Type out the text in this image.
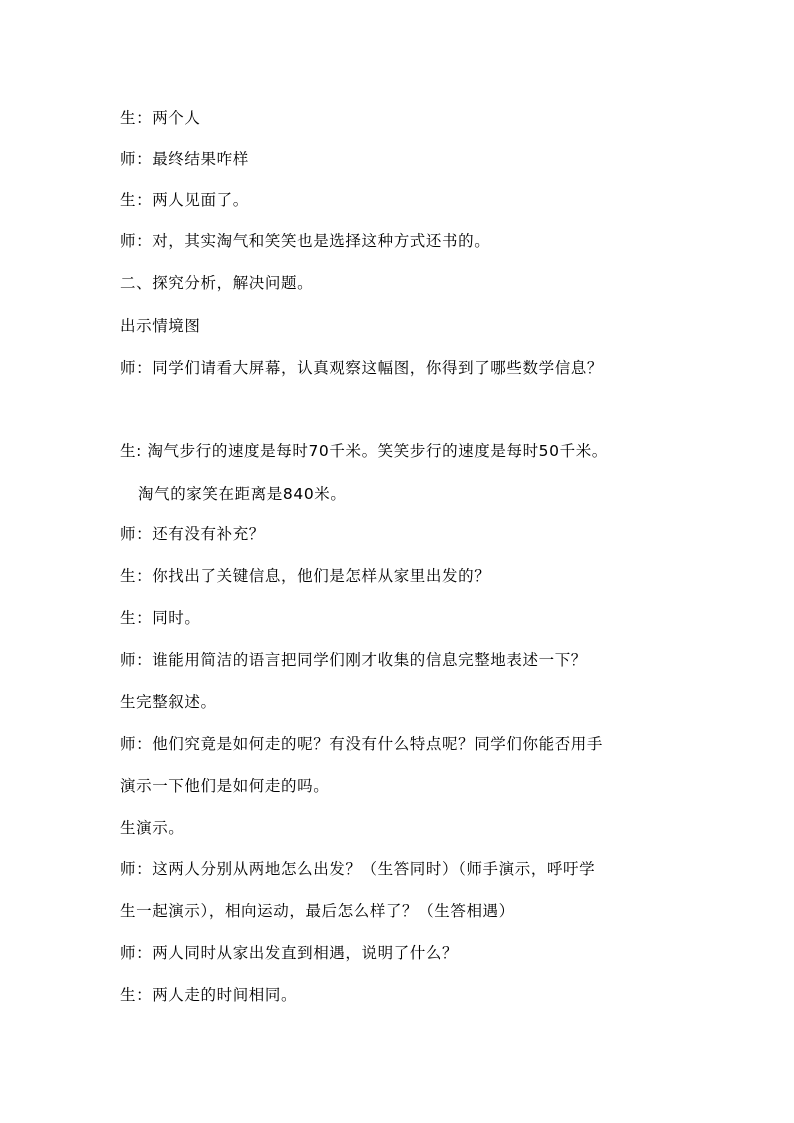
生：两个人
师：最终结果咋样
生：两人见面了。
师：对，其实淘气和笑笑也是选择这种方式还书的。
二、探究分析，解决问题。
出示情境图
师：同学们请看大屏幕，认真观察这幅图，你得到了哪些数学信息？
生: 淘气步行的速度是每时70千米。笑笑步行的速度是每时50千米。
淘气的家笑在距离是840米。
师：还有没有补充？
生：你找出了关键信息，他们是怎样从家里出发的？
生：同时。
师：谁能用简洁的语言把同学们刚才收集的信息完整地表述一下？
生完整叙述。
师：他们究竟是如何走的呢？有没有什么特点呢？同学们你能否用手
演示一下他们是如何走的吗。
生演示。
师：这两人分别从两地怎么出发？（生答同时）（师手演示，呼吁学
生一起演示），相向运动，最后怎么样了？（生答相遇）
师：两人同时从家出发直到相遇，说明了什么？
生：两人走的时间相同。
